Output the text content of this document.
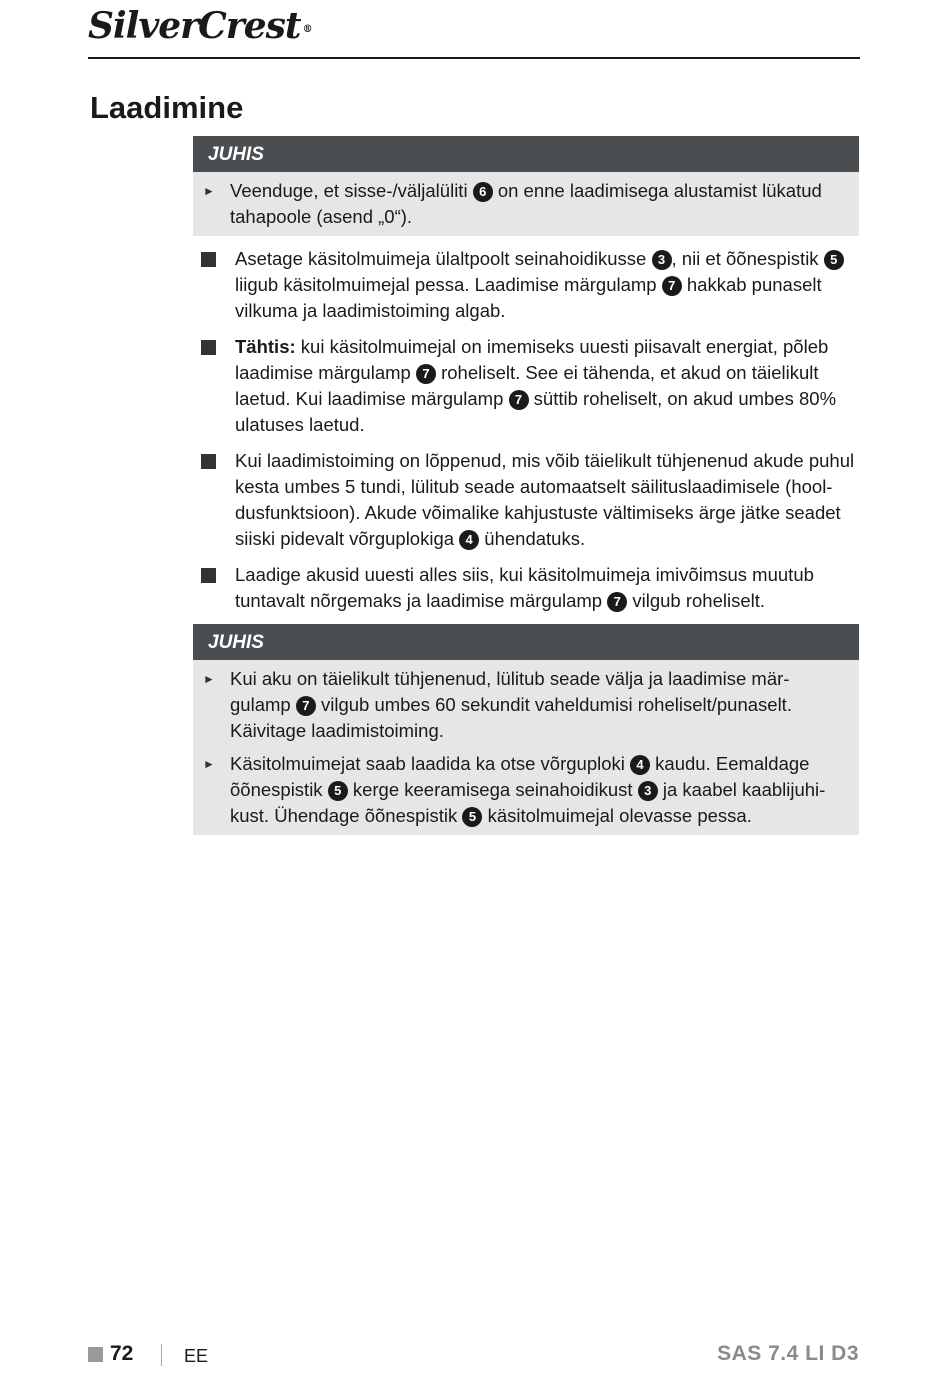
SilverCrest ®
Laadimine
JUHIS
► Veenduge, et sisse-/väljalüliti 6 on enne laadimisega alustamist lükatud tahapoole (asend „0“).
Asetage käsitolmuimeja ülaltpoolt seinahoidikusse 3 , nii et õõnespistik 5 liigub käsitolmuimejal pessa. Laadimise märgulamp 7 hakkab punaselt vilkuma ja laadimistoiming algab.
Tähtis: kui käsitolmuimejal on imemiseks uuesti piisavalt energiat, põleb laadimise märgulamp 7 roheliselt. See ei tähenda, et akud on täielikult laetud. Kui laadimise märgulamp 7 süttib roheliselt, on akud umbes 80% ulatuses laetud.
Kui laadimistoiming on lõppenud, mis võib täielikult tühjenenud akude puhul kesta umbes 5 tundi, lülitub seade automaatselt säilituslaadimisele (hool-dusfunktsioon). Akude võimalike kahjustuste vältimiseks ärge jätke seadet siiski pidevalt võrguplokiga 4 ühendatuks.
Laadige akusid uuesti alles siis, kui käsitolmuimeja imivõimsus muutub tuntavalt nõrgemaks ja laadimise märgulamp 7 vilgub roheliselt.
JUHIS
► Kui aku on täielikult tühjenenud, lülitub seade välja ja laadimise mär-gulamp 7 vilgub umbes 60 sekundit vaheldumisi roheliselt/punaselt. Käivitage laadimistoiming.
► Käsitolmuimejat saab laadida ka otse võrguploki 4 kaudu. Eemaldage õõnespistik 5 kerge keeramisega seinahoidikust 3 ja kaabel kaablijuhi-kust. Ühendage õõnespistik 5 käsitolmuimejal olevasse pessa.
72	EE	SAS 7.4 LI D3
